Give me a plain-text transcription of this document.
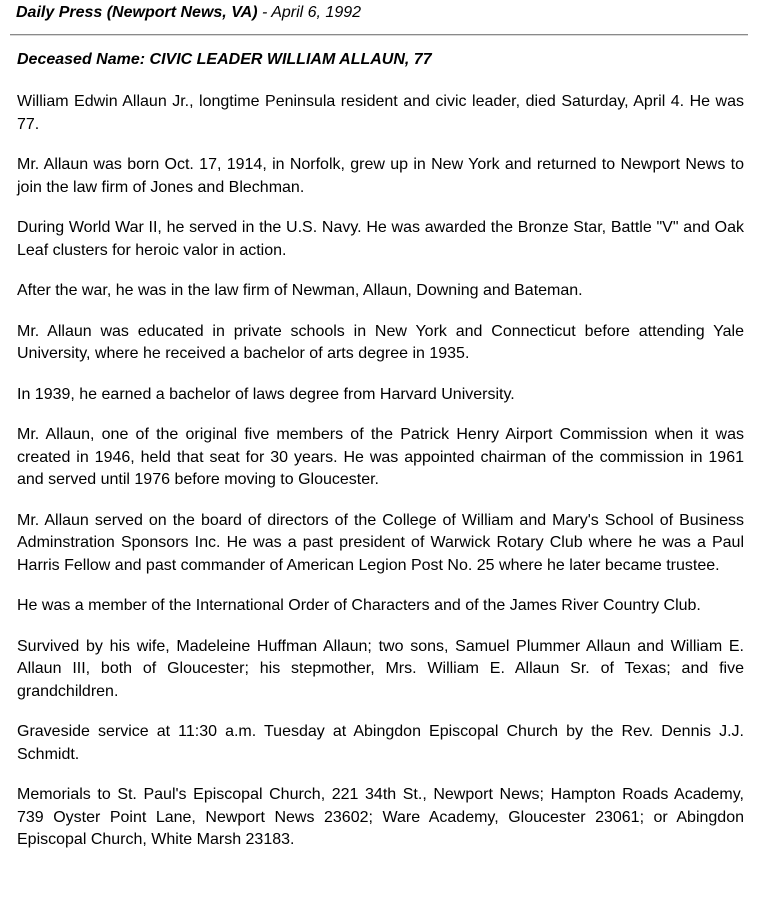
Daily Press (Newport News, VA) - April 6, 1992
Deceased Name: CIVIC LEADER WILLIAM ALLAUN, 77

William Edwin Allaun Jr., longtime Peninsula resident and civic leader, died Saturday, April 4. He was 77.

Mr. Allaun was born Oct. 17, 1914, in Norfolk, grew up in New York and returned to Newport News to join the law firm of Jones and Blechman.

During World War II, he served in the U.S. Navy. He was awarded the Bronze Star, Battle "V" and Oak Leaf clusters for heroic valor in action.

After the war, he was in the law firm of Newman, Allaun, Downing and Bateman.

Mr. Allaun was educated in private schools in New York and Connecticut before attending Yale University, where he received a bachelor of arts degree in 1935.

In 1939, he earned a bachelor of laws degree from Harvard University.

Mr. Allaun, one of the original five members of the Patrick Henry Airport Commission when it was created in 1946, held that seat for 30 years. He was appointed chairman of the commission in 1961 and served until 1976 before moving to Gloucester.

Mr. Allaun served on the board of directors of the College of William and Mary's School of Business Adminstration Sponsors Inc. He was a past president of Warwick Rotary Club where he was a Paul Harris Fellow and past commander of American Legion Post No. 25 where he later became trustee.

He was a member of the International Order of Characters and of the James River Country Club.

Survived by his wife, Madeleine Huffman Allaun; two sons, Samuel Plummer Allaun and William E. Allaun III, both of Gloucester; his stepmother, Mrs. William E. Allaun Sr. of Texas; and five grandchildren.

Graveside service at 11:30 a.m. Tuesday at Abingdon Episcopal Church by the Rev. Dennis J.J. Schmidt.

Memorials to St. Paul's Episcopal Church, 221 34th St., Newport News; Hampton Roads Academy, 739 Oyster Point Lane, Newport News 23602; Ware Academy, Gloucester 23061; or Abingdon Episcopal Church, White Marsh 23183.
